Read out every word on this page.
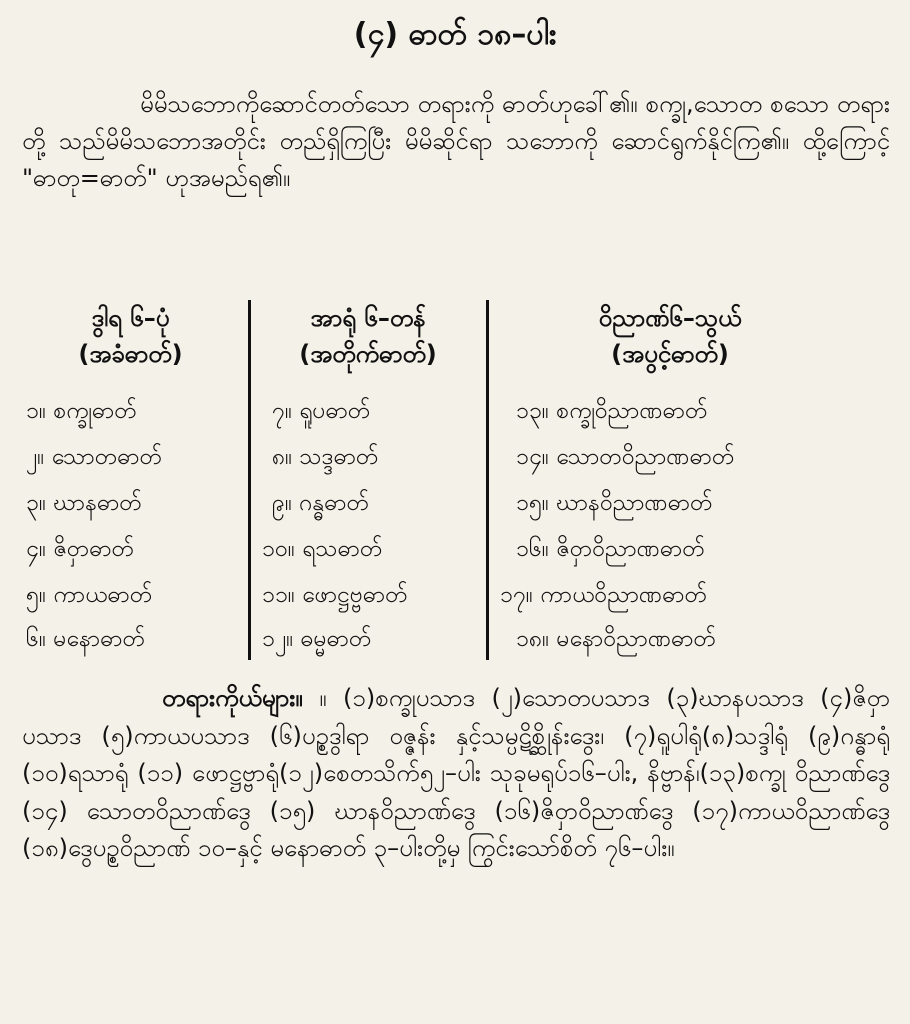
(၄) ဓာတ် ၁၈–ပါး
မိမိသဘောကိုဆောင်တတ်သော တရားကို ဓာတ်ဟုခေါ်၏။ စက္ခု,သောတ စသော တရားတို့ သည်မိမိသဘောအတိုင်း တည်ရှိကြပြီး မိမိဆိုင်ရာ သဘောကို ဆောင်ရွက်နိုင်ကြ၏။ ထို့ကြောင့် "ဓာတု=ဓာတ်" ဟုအမည်ရ၏။
ဒွါရ ၆–ပုံ
(အခံဓာတ်)
အာရုံ ၆–တန်
(အတိုက်ဓာတ်)
ဝိညာဏ်၆–သွယ်
(အပွင့်ဓာတ်)
၁။ စက္ခုဓာတ်
၂။ သောတဓာတ်
၃။ ဃာနဓာတ်
၄။ ဇိဝှာဓာတ်
၅။ ကာယဓာတ်
၆။ မနောဓာတ်
၇။ ရူပဓာတ်
၈။ သဒ္ဒဓာတ်
၉။ ဂန္ဓဓာတ်
၁၀။ ရသဓာတ်
၁၁။ ဖောဋ္ဌဗ္ဗဓာတ်
၁၂။ ဓမ္မဓာတ်
၁၃။ စက္ခုဝိညာဏဓာတ်
၁၄။ သောတဝိညာဏဓာတ်
၁၅။ ဃာနဝိညာဏဓာတ်
၁၆။ ဇိဝှာဝိညာဏဓာတ်
၁၇။ ကာယဝိညာဏဓာတ်
၁၈။ မနောဝိညာဏဓာတ်
တရားကိုယ်များ။ ။ (၁)စက္ခုပသာဒ (၂)သောတပသာဒ (၃)ဃာနပသာဒ (၄)ဇိဝှာပသာဒ (၅)ကာယပသာဒ (၆)ပဥ္စဒွါရာ ဝဇ္ဇန်း နှင့်သမ္ပဋိစ္ဆိုန်းဒွေး၊ (၇)ရူပါရုံ(၈)သဒ္ဒါရုံ (၉)ဂန္ဓာရုံ (၁၀)ရသာရုံ (၁၁) ဖောဋ္ဌဗ္ဗာရုံ(၁၂)စေတသိက်၅၂–ပါး သုခုမရုပ်၁၆–ပါး, နိဗ္ဗာန်၊(၁၃)စက္ခု ဝိညာဏ်ဒွေ (၁၄) သောတဝိညာဏ်ဒွေ (၁၅) ဃာနဝိညာဏ်ဒွေ (၁၆)ဇိဝှာဝိညာဏ်ဒွေ (၁၇)ကာယဝိညာဏ်ဒွေ (၁၈)ဒွေပဥ္စဝိညာဏ် ၁၀–နှင့် မနောဓာတ် ၃–ပါးတို့မှ ကြွင်းသော်စိတ် ၇၆–ပါး။
